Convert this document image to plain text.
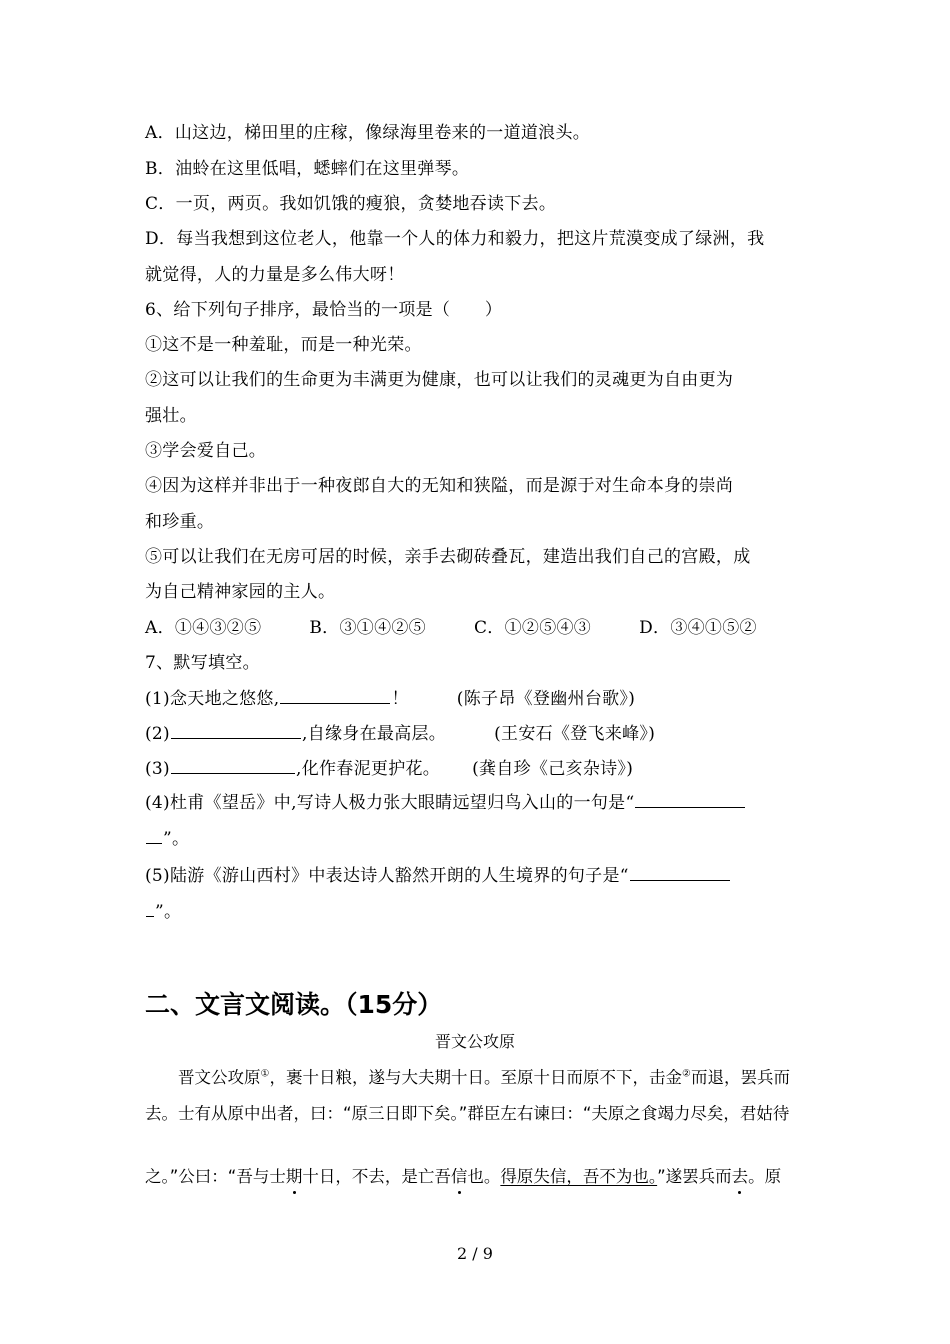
A．山这边，梯田里的庄稼，像绿海里卷来的一道道浪头。

B．油蛉在这里低唱，蟋蟀们在这里弹琴。

C．一页，两页。我如饥饿的瘦狼，贪婪地吞读下去。

D．每当我想到这位老人，他靠一个人的体力和毅力，把这片荒漠变成了绿洲，我

就觉得，人的力量是多么伟大呀！

6、给下列句子排序，最恰当的一项是（　　）

①这不是一种羞耻，而是一种光荣。

②这可以让我们的生命更为丰满更为健康，也可以让我们的灵魂更为自由更为

强壮。

③学会爱自己。

④因为这样并非出于一种夜郎自大的无知和狭隘，而是源于对生命本身的崇尚

和珍重。

⑤可以让我们在无房可居的时候，亲手去砌砖叠瓦，建造出我们自己的宫殿，成

为自己精神家园的主人。

A．①④③②⑤	B．③①④②⑤	C．①②⑤④③	D．③④①⑤②

7、默写填空。

(1)念天地之悠悠,	！	(陈子昂《登幽州台歌》)

(2)	,自缘身在最高层。	(王安石《登飞来峰》)

(3)	,化作春泥更护花。 (龚自珍《己亥杂诗》)

(4)杜甫《望岳》中,写诗人极力张大眼睛远望归鸟入山的一句是“

”。

(5)陆游《游山西村》中表达诗人豁然开朗的人生境界的句子是“

”。

二、文言文阅读。（15分）

晋文公攻原

晋文公攻原①，裹十日粮，遂与大夫期十日。至原十日而原不下，击金②而退，罢兵而

去。士有从原中出者，曰：“原三日即下矣。”群臣左右谏曰：“夫原之食竭力尽矣，君姑待

之。”公曰：“吾与士期十日，不去，是亡吾信也。得原失信，吾不为也。”遂罢兵而去。原

2 / 9
